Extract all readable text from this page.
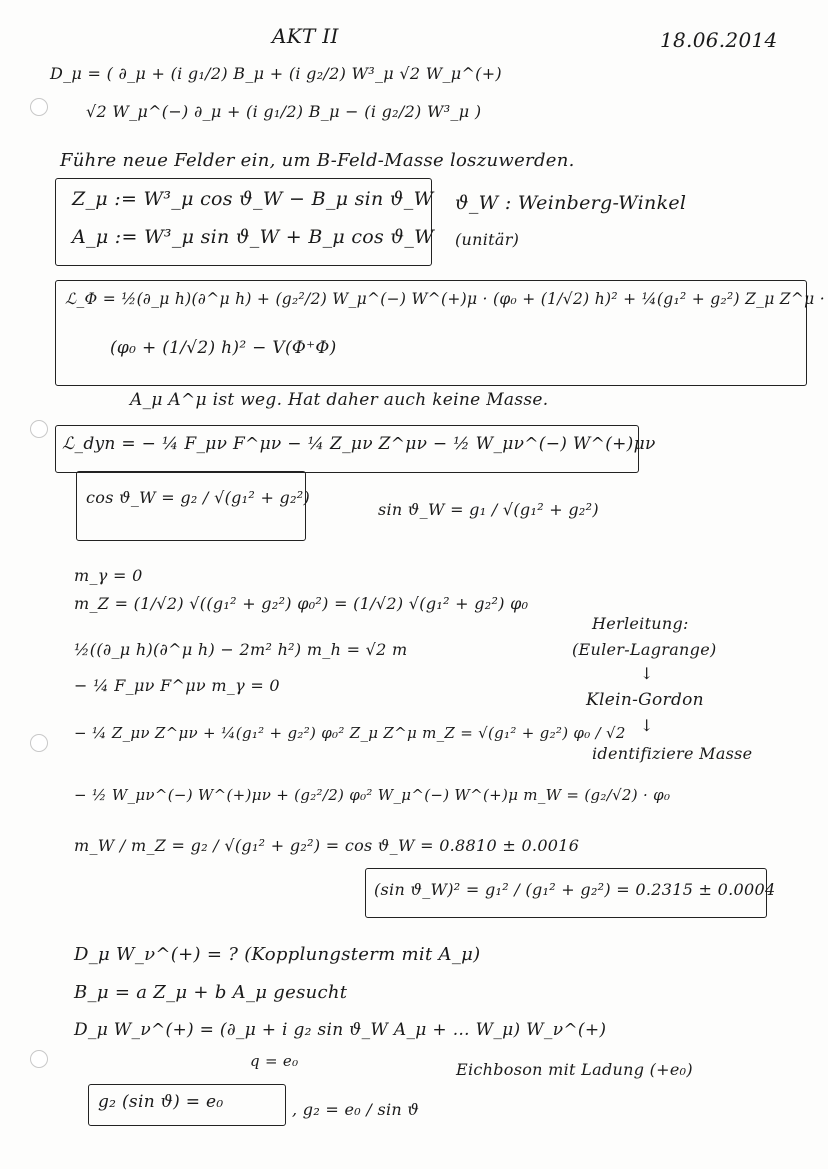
AKT II	18.06.2014
D_μ = ( ∂_μ + (i g₁/2) B_μ + (i g₂/2) W³_μ √2 W_μ^(+)
√2 W_μ^(−) ∂_μ + (i g₁/2) B_μ − (i g₂/2) W³_μ )
Führe neue Felder ein, um B-Feld-Masse loszuwerden.
Z_μ := W³_μ cos ϑ_W − B_μ sin ϑ_W ϑ_W : Weinberg-Winkel
A_μ := W³_μ sin ϑ_W + B_μ cos ϑ_W (unitär)
ℒ_Φ = ½(∂_μ h)(∂^μ h) + (g₂²/2) W_μ^(−) W^(+)μ · (φ₀ + (1/√2) h)² + ¼(g₁² + g₂²) Z_μ Z^μ ·
(φ₀ + (1/√2) h)² − V(Φ⁺Φ)
A_μ A^μ ist weg. Hat daher auch keine Masse.
ℒ_dyn = − ¼ F_μν F^μν − ¼ Z_μν Z^μν − ½ W_μν^(−) W^(+)μν
cos ϑ_W = g₂ / √(g₁² + g₂²)
sin ϑ_W = g₁ / √(g₁² + g₂²)
m_γ = 0
m_Z = (1/√2) √((g₁² + g₂²) φ₀²) = (1/√2) √(g₁² + g₂²) φ₀
Herleitung:
(Euler-Lagrange)
½((∂_μ h)(∂^μ h) − 2m² h²) m_h = √2 m
− ¼ F_μν F^μν m_γ = 0
↓
Klein-Gordon
− ¼ Z_μν Z^μν + ¼(g₁² + g₂²) φ₀² Z_μ Z^μ m_Z = √(g₁² + g₂²) φ₀ / √2 ↓
identifiziere Masse
− ½ W_μν^(−) W^(+)μν + (g₂²/2) φ₀² W_μ^(−) W^(+)μ m_W = (g₂/√2) · φ₀
m_W / m_Z = g₂ / √(g₁² + g₂²) = cos ϑ_W = 0.8810 ± 0.0016
(sin ϑ_W)² = g₁² / (g₁² + g₂²) = 0.2315 ± 0.0004
D_μ W_ν^(+) = ? (Kopplungsterm mit A_μ)
B_μ = a Z_μ + b A_μ gesucht
D_μ W_ν^(+) = (∂_μ + i g₂ sin ϑ_W A_μ + … W_μ) W_ν^(+)
q = e₀	Eichboson mit Ladung (+e₀)
g₂ (sin ϑ) = e₀	, g₂ = e₀ / sin ϑ
